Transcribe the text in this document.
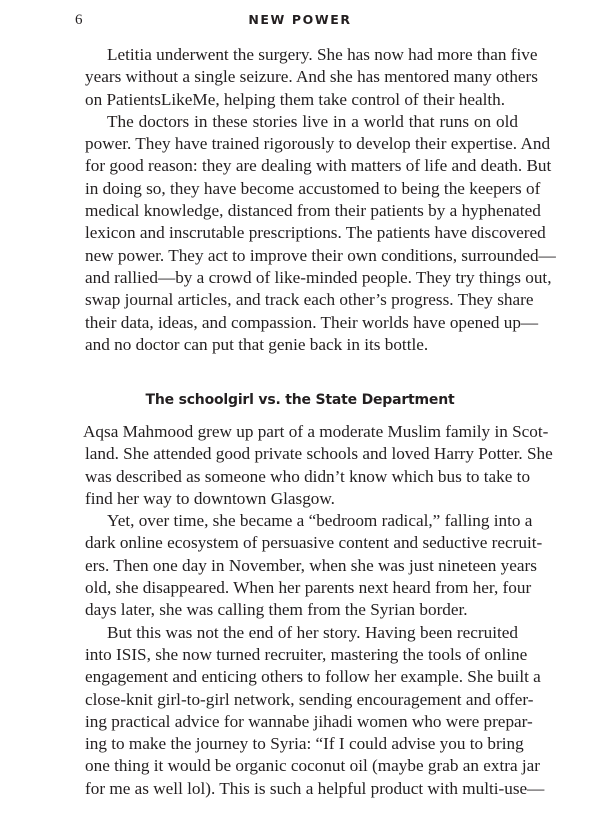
6	NEW POWER
Letitia underwent the surgery. She has now had more than five
years without a single seizure. And she has mentored many others
on PatientsLikeMe, helping them take control of their health.
The doctors in these stories live in a world that runs on old
power. They have trained rigorously to develop their expertise. And
for good reason: they are dealing with matters of life and death. But
in doing so, they have become accustomed to being the keepers of
medical knowledge, distanced from their patients by a hyphenated
lexicon and inscrutable prescriptions. The patients have discovered
new power. They act to improve their own conditions, surrounded—
and rallied—by a crowd of like-minded people. They try things out,
swap journal articles, and track each other’s progress. They share
their data, ideas, and compassion. Their worlds have opened up—
and no doctor can put that genie back in its bottle.
The schoolgirl vs. the State Department
Aqsa Mahmood grew up part of a moderate Muslim family in Scot-
land. She attended good private schools and loved Harry Potter. She
was described as someone who didn’t know which bus to take to
find her way to downtown Glasgow.
Yet, over time, she became a “bedroom radical,” falling into a
dark online ecosystem of persuasive content and seductive recruit-
ers. Then one day in November, when she was just nineteen years
old, she disappeared. When her parents next heard from her, four
days later, she was calling them from the Syrian border.
But this was not the end of her story. Having been recruited
into ISIS, she now turned recruiter, mastering the tools of online
engagement and enticing others to follow her example. She built a
close-knit girl-to-girl network, sending encouragement and offer-
ing practical advice for wannabe jihadi women who were prepar-
ing to make the journey to Syria: “If I could advise you to bring
one thing it would be organic coconut oil (maybe grab an extra jar
for me as well lol). This is such a helpful product with multi-use—
